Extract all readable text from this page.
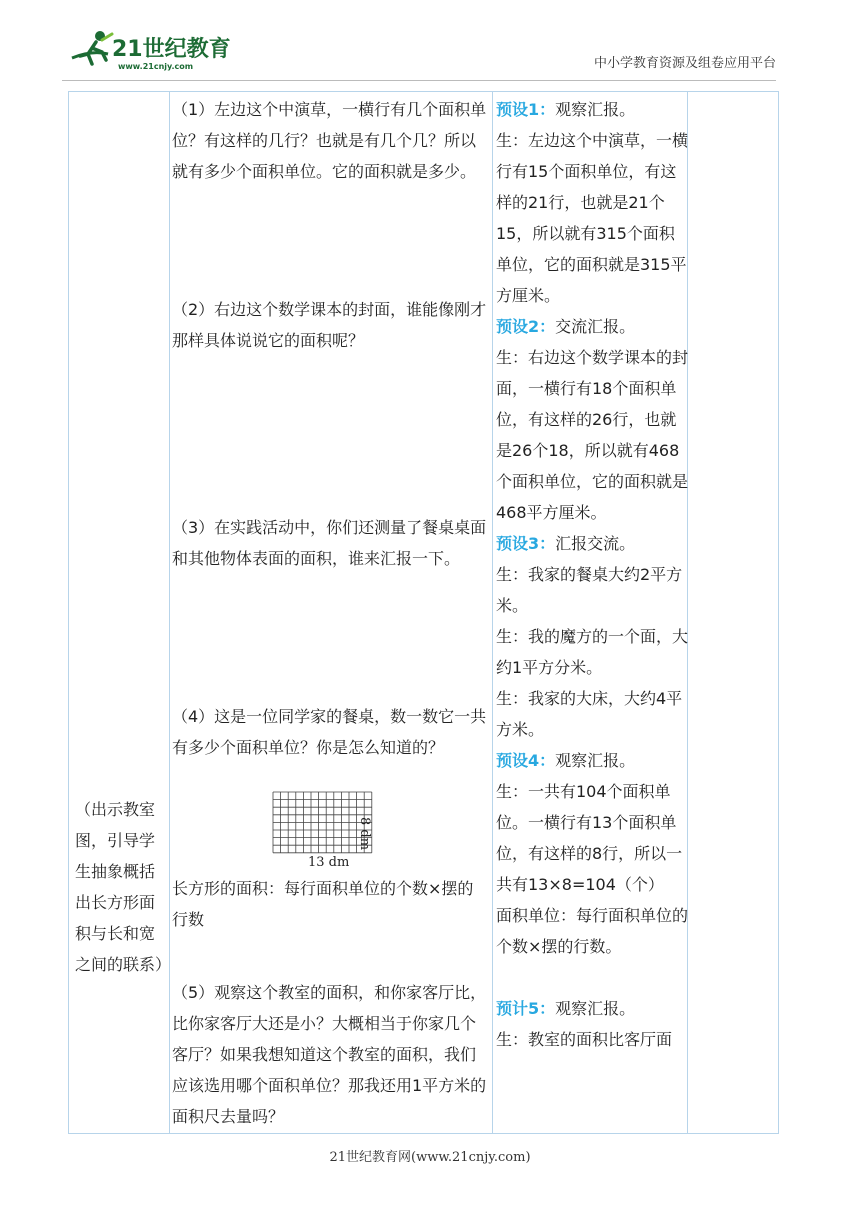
21世纪教育
www.21cnjy.com	中小学教育资源及组卷应用平台
（出示教室图，引导学生抽象概括出长方形面积与长和宽之间的联系）
（1）左边这个中演草，一横行有几个面积单位？有这样的几行？也就是有几个几？所以就有多少个面积单位。它的面积就是多少。
（2）右边这个数学课本的封面，谁能像刚才那样具体说说它的面积呢？
（3）在实践活动中，你们还测量了餐桌桌面和其他物体表面的面积，谁来汇报一下。
（4）这是一位同学家的餐桌，数一数它一共有多少个面积单位？你是怎么知道的？
13 dm
8 dm
长方形的面积：每行面积单位的个数×摆的行数
（5）观察这个教室的面积，和你家客厅比，比你家客厅大还是小？大概相当于你家几个客厅？如果我想知道这个教室的面积，我们应该选用哪个面积单位？那我还用1平方米的面积尺去量吗？

预设1：观察汇报。

生：左边这个中演草，一横行有15个面积单位，有这样的21行，也就是21个15，所以就有315个面积单位，它的面积就是315平方厘米。

预设2：交流汇报。

生：右边这个数学课本的封面，一横行有18个面积单位，有这样的26行，也就是26个18，所以就有468个面积单位，它的面积就是468平方厘米。

预设3：汇报交流。

生：我家的餐桌大约2平方米。

生：我的魔方的一个面，大约1平方分米。

生：我家的大床，大约4平方米。

预设4：观察汇报。

生：一共有104个面积单位。一横行有13个面积单位，有这样的8行，所以一共有13×8=104（个）

面积单位：每行面积单位的个数×摆的行数。

预计5：观察汇报。

生：教室的面积比客厅面

21世纪教育网(www.21cnjy.com)
